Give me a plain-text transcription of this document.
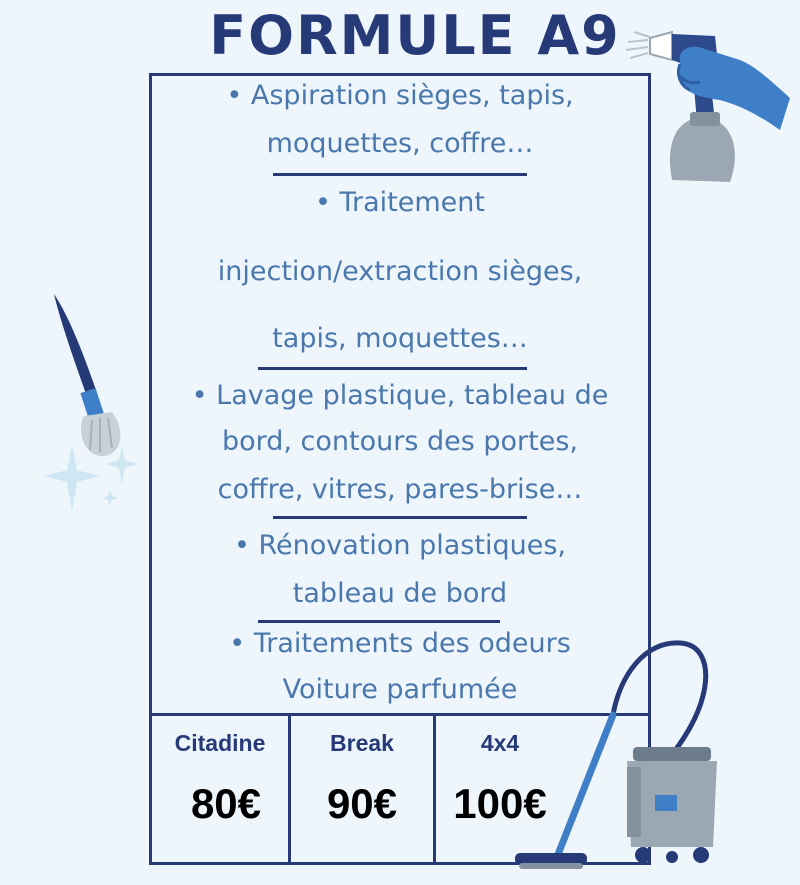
FORMULE A9
• Aspiration sièges, tapis,
moquettes, coffre…
• Traitement
injection/extraction sièges,
tapis, moquettes…
• Lavage plastique, tableau de
bord, contours des portes,
coffre, vitres, pares-brise…
• Rénovation plastiques,
tableau de bord
• Traitements des odeurs
Voiture parfumée
Citadine	Break	4x4
80€	90€	100€
